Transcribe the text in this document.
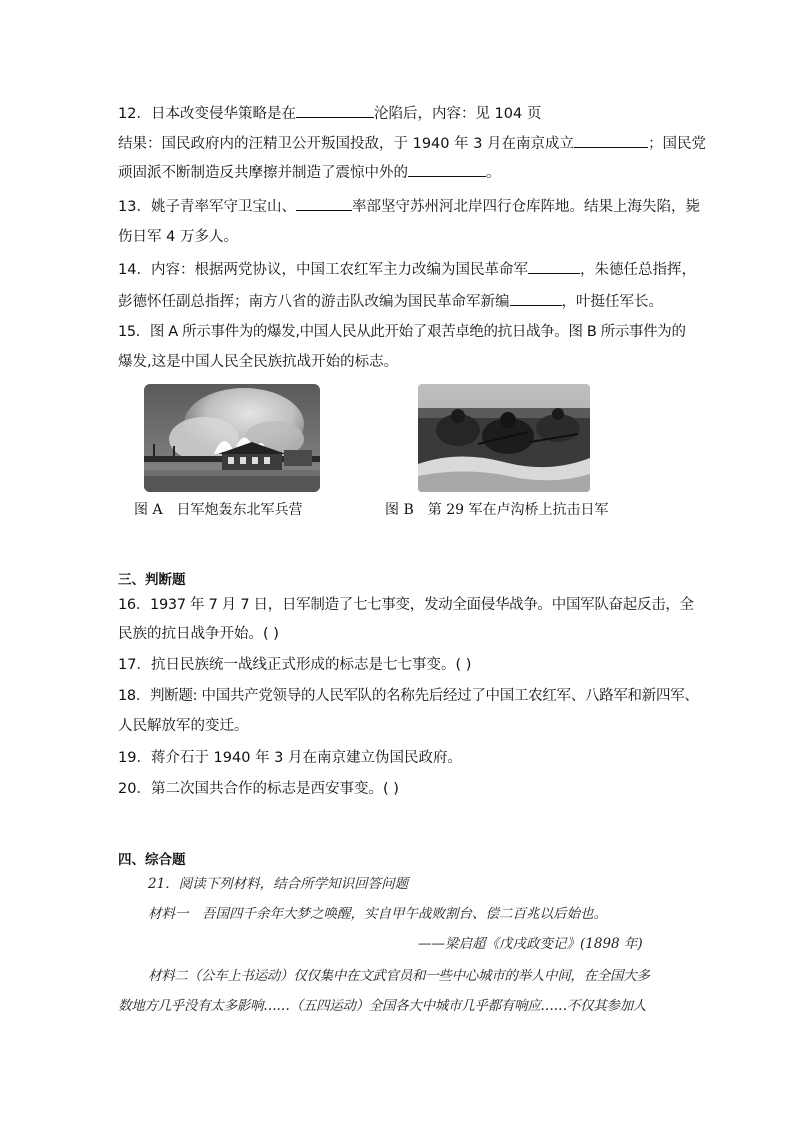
12．日本改变侵华策略是在	沦陷后，内容：见 104 页
结果：国民政府内的汪精卫公开叛国投敌，于 1940 年 3 月在南京成立	；国民党
顽固派不断制造反共摩擦并制造了震惊中外的	。
13．姚子青率军守卫宝山、	率部坚守苏州河北岸四行仓库阵地。结果上海失陷，毙
伤日军 4 万多人。
14．内容：根据两党协议，中国工农红军主力改编为国民革命军	，朱德任总指挥，
彭德怀任副总指挥；南方八省的游击队改编为国民革命军新编	，叶挺任军长。
15．图 A 所示事件为的爆发,中国人民从此开始了艰苦卓绝的抗日战争。图 B 所示事件为的
爆发,这是中国人民全民族抗战开始的标志。
图 A　日军炮轰东北军兵营	图 B　第 29 军在卢沟桥上抗击日军
三、判断题
16．1937 年 7 月 7 日，日军制造了七七事变，发动全面侵华战争。中国军队奋起反击，全
民族的抗日战争开始。( )
17．抗日民族统一战线正式形成的标志是七七事变。( )
18．判断题: 中国共产党领导的人民军队的名称先后经过了中国工农红军、八路军和新四军、
人民解放军的变迁。
19．蒋介石于 1940 年 3 月在南京建立伪国民政府。
20．第二次国共合作的标志是西安事变。( )
四、综合题
21．阅读下列材料，结合所学知识回答问题
材料一　吾国四千余年大梦之唤醒，实自甲午战败割台、偿二百兆以后始也。
——梁启超《戊戌政变记》(1898 年)
材料二（公车上书运动）仅仅集中在文武官员和一些中心城市的举人中间，在全国大多
数地方几乎没有太多影响……（五四运动）全国各大中城市几乎都有响应……不仅其参加人
